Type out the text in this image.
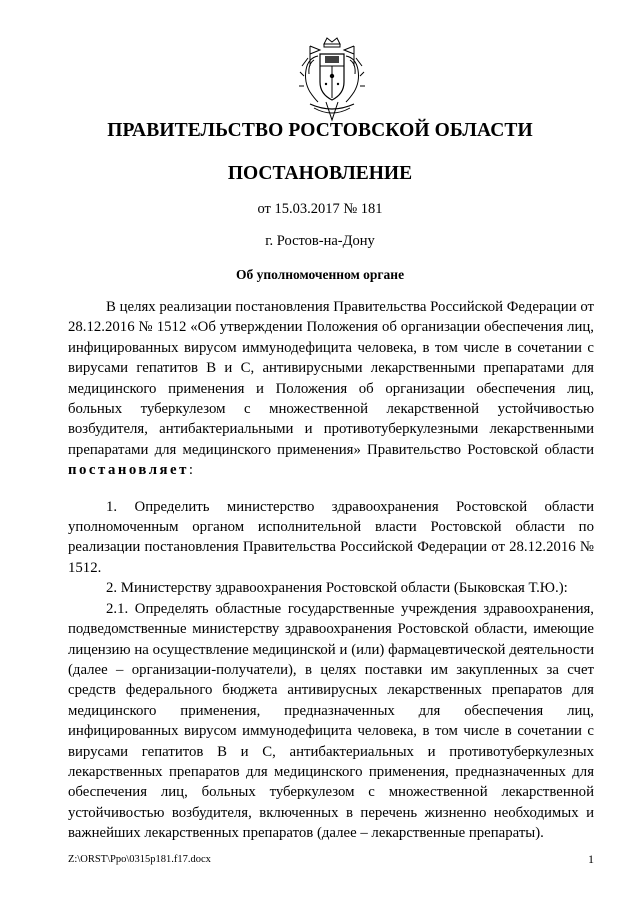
ПРАВИТЕЛЬСТВО РОСТОВСКОЙ ОБЛАСТИ
ПОСТАНОВЛЕНИЕ
от 15.03.2017 № 181
г. Ростов-на-Дону
Об уполномоченном органе

В целях реализации постановления Правительства Российской Федерации от 28.12.2016 № 1512 «Об утверждении Положения об организации обеспечения лиц, инфицированных вирусом иммунодефицита человека, в том числе в сочетании с вирусами гепатитов В и С, антивирусными лекарственными препаратами для медицинского применения и Положения об организации обеспечения лиц, больных туберкулезом с множественной лекарственной устойчивостью возбудителя, антибактериальными и противотуберкулезными лекарственными препаратами для медицинского применения» Правительство Ростовской области постановляет:

1. Определить министерство здравоохранения Ростовской области уполномоченным органом исполнительной власти Ростовской области по реализации постановления Правительства Российской Федерации от 28.12.2016 № 1512.

2. Министерству здравоохранения Ростовской области (Быковская Т.Ю.):

2.1. Определять областные государственные учреждения здравоохранения, подведомственные министерству здравоохранения Ростовской области, имеющие лицензию на осуществление медицинской и (или) фармацевтической деятельности (далее – организации-получатели), в целях поставки им закупленных за счет средств федерального бюджета антивирусных лекарственных препаратов для медицинского применения, предназначенных для обеспечения лиц, инфицированных вирусом иммунодефицита человека, в том числе в сочетании с вирусами гепатитов В и С, антибактериальных и противотуберкулезных лекарственных препаратов для медицинского применения, предназначенных для обеспечения лиц, больных туберкулезом с множественной лекарственной устойчивостью возбудителя, включенных в перечень жизненно необходимых и важнейших лекарственных препаратов (далее – лекарственные препараты).

Z:\ORST\Ppo\0315p181.f17.docx	1
